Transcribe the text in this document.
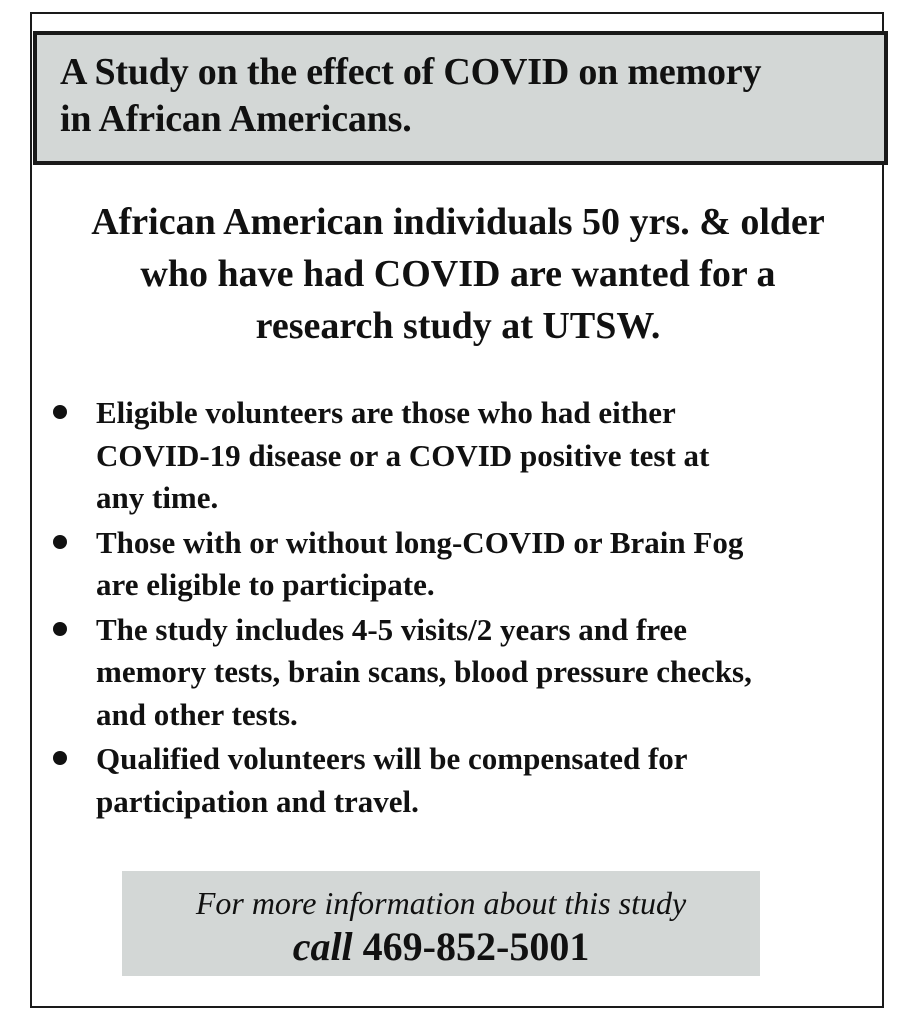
A Study on the effect of COVID on memory
in African Americans.

African American individuals 50 yrs. & older
who have had COVID are wanted for a
research study at UTSW.

Eligible volunteers are those who had either
COVID-19 disease or a COVID positive test at
any time.
Those with or without long-COVID or Brain Fog
are eligible to participate.
The study includes 4-5 visits/2 years and free
memory tests, brain scans, blood pressure checks,
and other tests.
Qualified volunteers will be compensated for
participation and travel.

For more information about this study

call 469-852-5001
